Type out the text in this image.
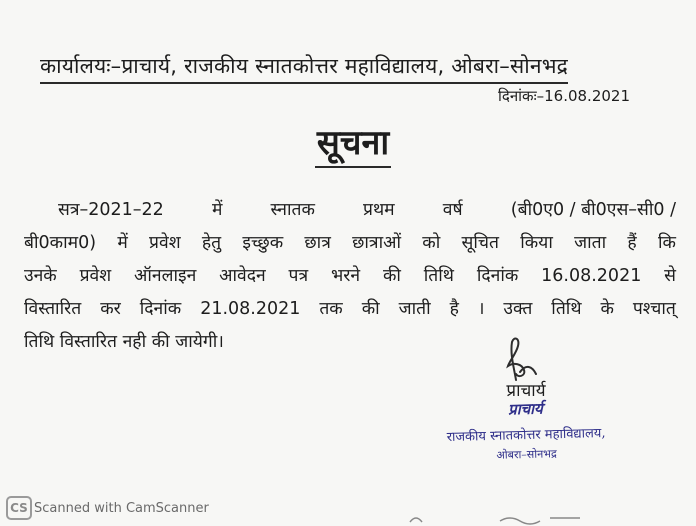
कार्यालयः–प्राचार्य, राजकीय स्नातकोत्तर महाविद्यालय, ओबरा–सोनभद्र
दिनांकः–16.08.2021
सूचना
सत्र–2021–22	में	स्नातक	प्रथम	वर्ष	(बी0ए0 / बी0एस–सी0 /
बी0काम0) में प्रवेश हेतु इच्छुक छात्र छात्राओं को सूचित किया जाता हैं कि
उनके प्रवेश ऑनलाइन आवेदन पत्र भरने की तिथि दिनांक 16.08.2021 से
विस्तारित कर दिनांक 21.08.2021 तक की जाती है । उक्त तिथि के पश्चात्
तिथि विस्तारित नही की जायेगी।
प्राचार्य
प्राचार्य
राजकीय स्नातकोत्तर महाविद्यालय,
ओबरा–सोनभद्र
CS Scanned with CamScanner
